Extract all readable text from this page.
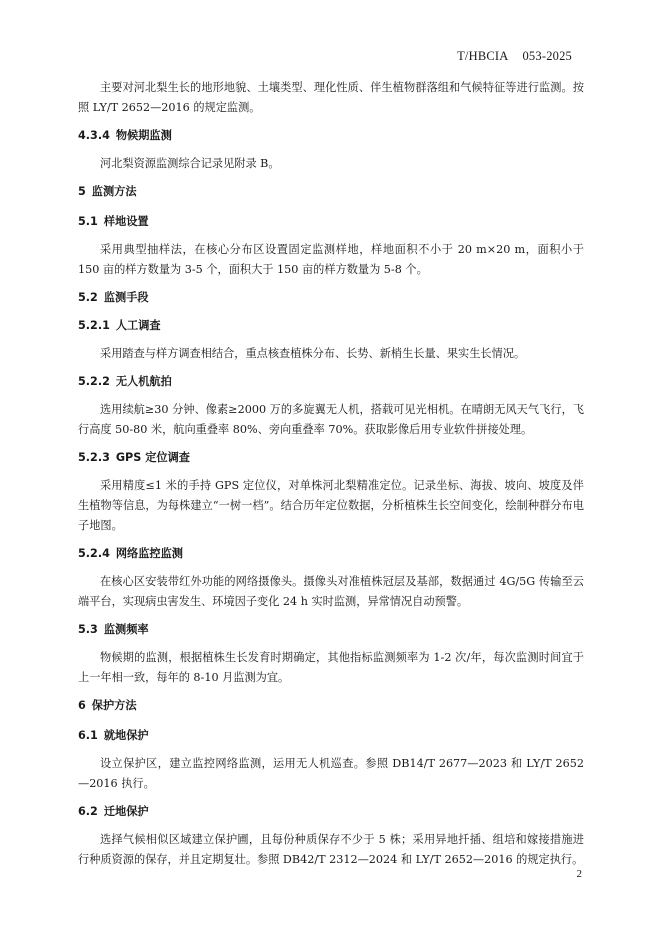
T/HBCIA 053-2025
主要对河北梨生长的地形地貌、土壤类型、理化性质、伴生植物群落组和气候特征等进行监测。按照 LY/T 2652—2016 的规定监测。
4.3.4 物候期监测
河北梨资源监测综合记录见附录 B。
5 监测方法
5.1 样地设置
采用典型抽样法，在核心分布区设置固定监测样地，样地面积不小于 20 m×20 m，面积小于 150 亩的样方数量为 3-5 个，面积大于 150 亩的样方数量为 5-8 个。
5.2 监测手段
5.2.1 人工调查
采用踏查与样方调查相结合，重点核查植株分布、长势、新梢生长量、果实生长情况。
5.2.2 无人机航拍
选用续航≥30 分钟、像素≥2000 万的多旋翼无人机，搭载可见光相机。在晴朗无风天气飞行，飞行高度 50-80 米，航向重叠率 80%、旁向重叠率 70%。获取影像后用专业软件拼接处理。
5.2.3 GPS 定位调查
采用精度≤1 米的手持 GPS 定位仪，对单株河北梨精准定位。记录坐标、海拔、坡向、坡度及伴生植物等信息，为每株建立“一树一档”。结合历年定位数据，分析植株生长空间变化，绘制种群分布电子地图。
5.2.4 网络监控监测
在核心区安装带红外功能的网络摄像头。摄像头对准植株冠层及基部，数据通过 4G/5G 传输至云端平台，实现病虫害发生、环境因子变化 24 h 实时监测，异常情况自动预警。
5.3 监测频率
物候期的监测，根据植株生长发育时期确定，其他指标监测频率为 1-2 次/年，每次监测时间宜于上一年相一致，每年的 8-10 月监测为宜。
6 保护方法
6.1 就地保护
设立保护区，建立监控网络监测，运用无人机巡查。参照 DB14/T 2677—2023 和 LY/T 2652—2016 执行。
6.2 迁地保护
选择气候相似区域建立保护圃，且每份种质保存不少于 5 株；采用异地扦插、组培和嫁接措施进行种质资源的保存，并且定期复壮。参照 DB42/T 2312—2024 和 LY/T 2652—2016 的规定执行。
2
